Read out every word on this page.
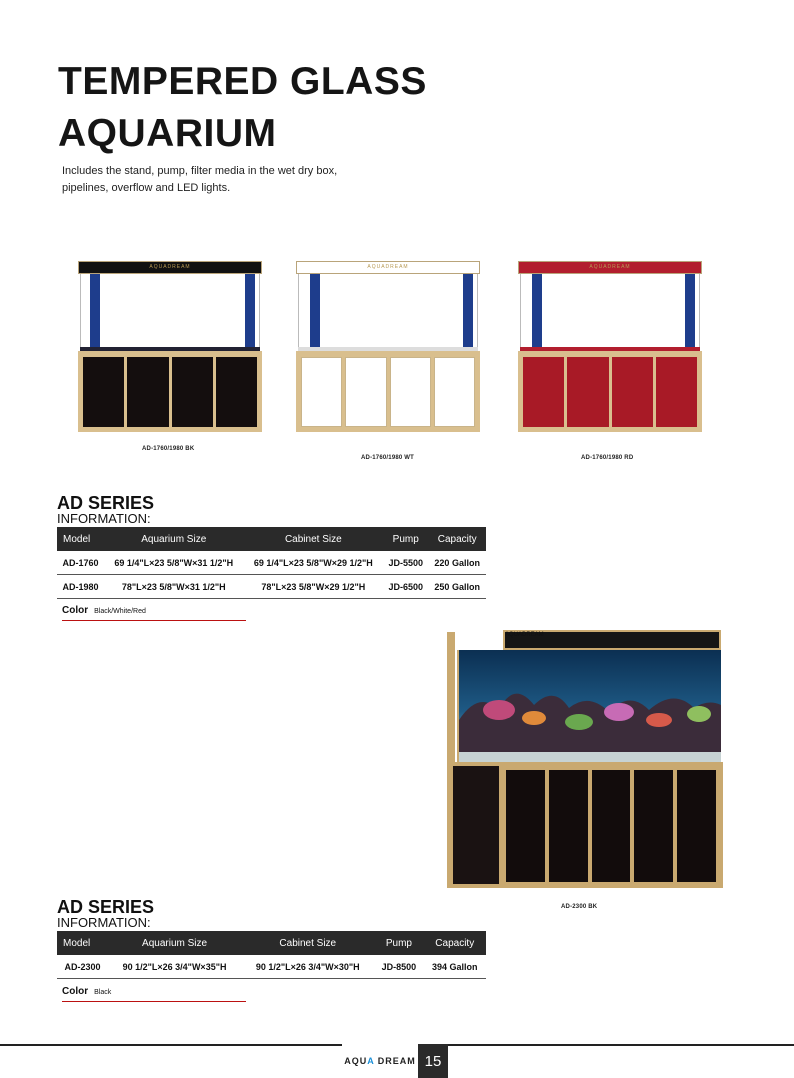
TEMPERED GLASS
AQUARIUM
Includes the stand, pump, filter media in the wet dry box,
pipelines, overflow and LED lights.
AQUADREAM
AD-1760/1980 BK
AQUADREAM
AD-1760/1980 WT
AQUADREAM
AD-1760/1980 RD
AD SERIES
INFORMATION:
Model	Aquarium Size	Cabinet Size	Pump	Capacity
AD-1760	69 1/4"L×23 5/8"W×31 1/2"H	69 1/4"L×23 5/8"W×29 1/2"H	JD-5500	220 Gallon
AD-1980	78"L×23 5/8"W×31 1/2"H	78"L×23 5/8"W×29 1/2"H	JD-6500	250 Gallon
Color Black/White/Red
AQUADREAM
AD-2300 BK
AD SERIES
INFORMATION:
Model	Aquarium Size	Cabinet Size	Pump	Capacity
AD-2300	90 1/2"L×26 3/4"W×35"H	90 1/2"L×26 3/4"W×30"H	JD-8500	394 Gallon
Color Black
AQU A DREAM 15
